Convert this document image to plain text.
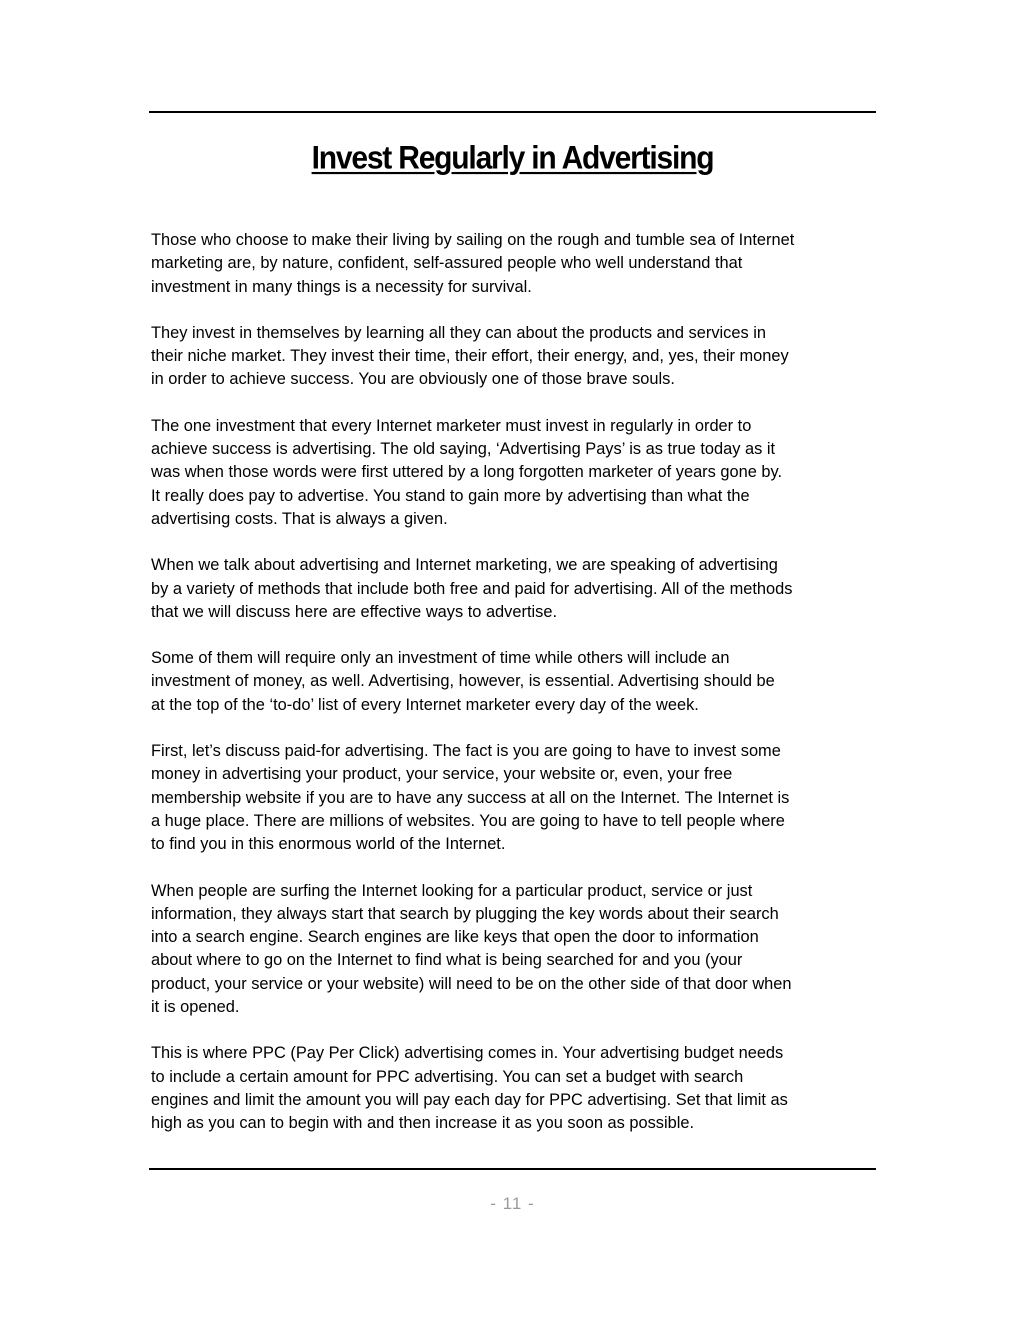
Invest Regularly in Advertising

Those who choose to make their living by sailing on the rough and tumble sea of Internet
marketing are, by nature, confident, self-assured people who well understand that
investment in many things is a necessity for survival.

They invest in themselves by learning all they can about the products and services in
their niche market. They invest their time, their effort, their energy, and, yes, their money
in order to achieve success. You are obviously one of those brave souls.

The one investment that every Internet marketer must invest in regularly in order to
achieve success is advertising. The old saying, ‘Advertising Pays’ is as true today as it
was when those words were first uttered by a long forgotten marketer of years gone by.
It really does pay to advertise. You stand to gain more by advertising than what the
advertising costs. That is always a given.

When we talk about advertising and Internet marketing, we are speaking of advertising
by a variety of methods that include both free and paid for advertising. All of the methods
that we will discuss here are effective ways to advertise.

Some of them will require only an investment of time while others will include an
investment of money, as well. Advertising, however, is essential. Advertising should be
at the top of the ‘to-do’ list of every Internet marketer every day of the week.

First, let’s discuss paid-for advertising. The fact is you are going to have to invest some
money in advertising your product, your service, your website or, even, your free
membership website if you are to have any success at all on the Internet. The Internet is
a huge place. There are millions of websites. You are going to have to tell people where
to find you in this enormous world of the Internet.

When people are surfing the Internet looking for a particular product, service or just
information, they always start that search by plugging the key words about their search
into a search engine. Search engines are like keys that open the door to information
about where to go on the Internet to find what is being searched for and you (your
product, your service or your website) will need to be on the other side of that door when
it is opened.

This is where PPC (Pay Per Click) advertising comes in. Your advertising budget needs
to include a certain amount for PPC advertising. You can set a budget with search
engines and limit the amount you will pay each day for PPC advertising. Set that limit as
high as you can to begin with and then increase it as you soon as possible.

- 11 -
